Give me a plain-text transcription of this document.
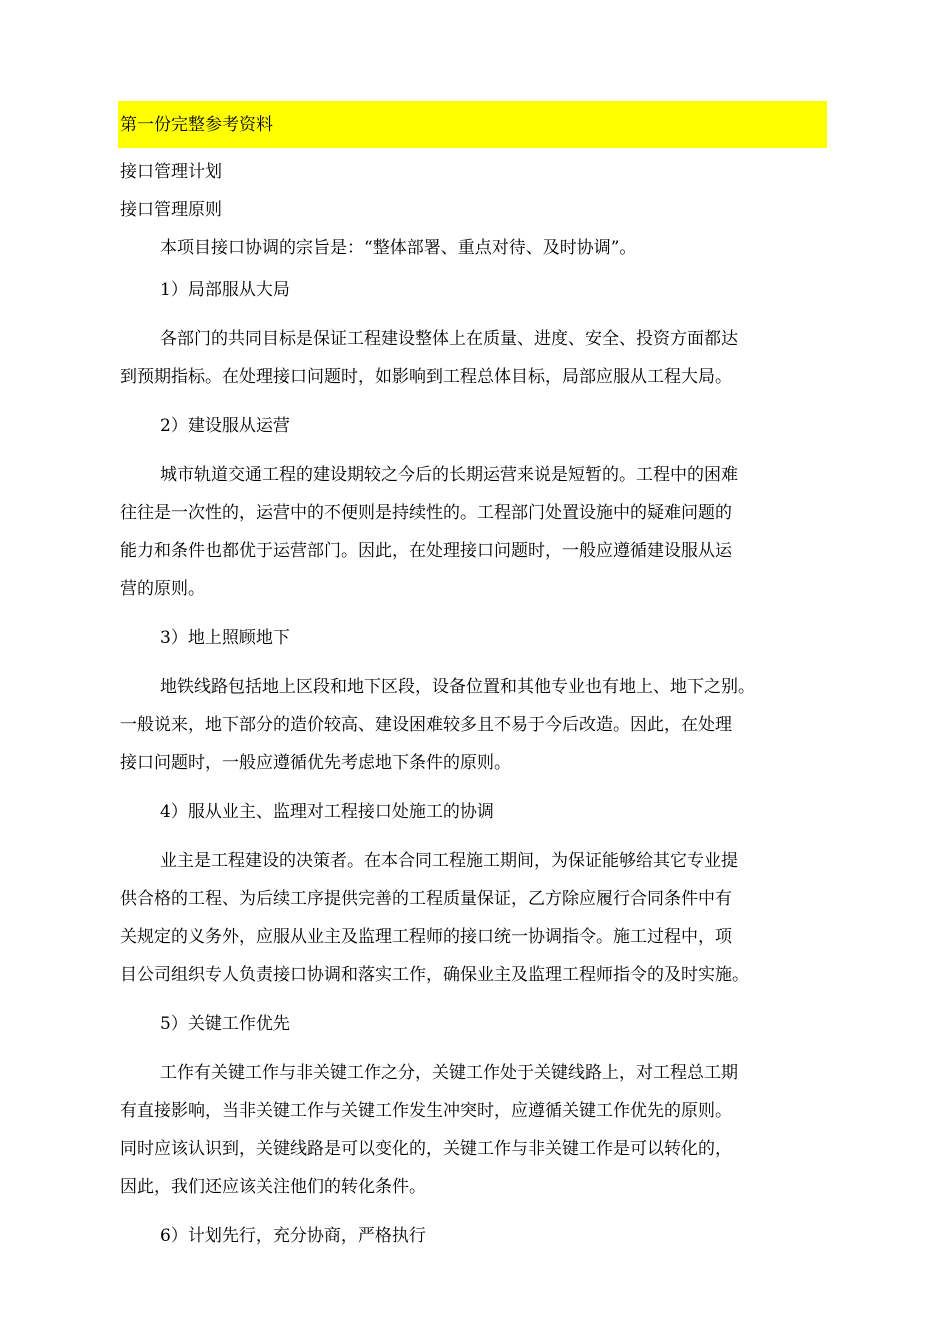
第一份完整参考资料

接口管理计划

接口管理原则

本项目接口协调的宗旨是：“整体部署、重点对待、及时协调”。

1）局部服从大局

各部门的共同目标是保证工程建设整体上在质量、进度、安全、投资方面都达

到预期指标。在处理接口问题时，如影响到工程总体目标，局部应服从工程大局。

2）建设服从运营

城市轨道交通工程的建设期较之今后的长期运营来说是短暂的。工程中的困难

往往是一次性的，运营中的不便则是持续性的。工程部门处置设施中的疑难问题的

能力和条件也都优于运营部门。因此，在处理接口问题时，一般应遵循建设服从运

营的原则。

3）地上照顾地下

地铁线路包括地上区段和地下区段，设备位置和其他专业也有地上、地下之别。

一般说来，地下部分的造价较高、建设困难较多且不易于今后改造。因此，在处理

接口问题时，一般应遵循优先考虑地下条件的原则。

4）服从业主、监理对工程接口处施工的协调

业主是工程建设的决策者。在本合同工程施工期间，为保证能够给其它专业提

供合格的工程、为后续工序提供完善的工程质量保证，乙方除应履行合同条件中有

关规定的义务外，应服从业主及监理工程师的接口统一协调指令。施工过程中，项

目公司组织专人负责接口协调和落实工作，确保业主及监理工程师指令的及时实施。

5）关键工作优先

工作有关键工作与非关键工作之分，关键工作处于关键线路上，对工程总工期

有直接影响，当非关键工作与关键工作发生冲突时，应遵循关键工作优先的原则。

同时应该认识到，关键线路是可以变化的，关键工作与非关键工作是可以转化的，

因此，我们还应该关注他们的转化条件。

6）计划先行，充分协商，严格执行
